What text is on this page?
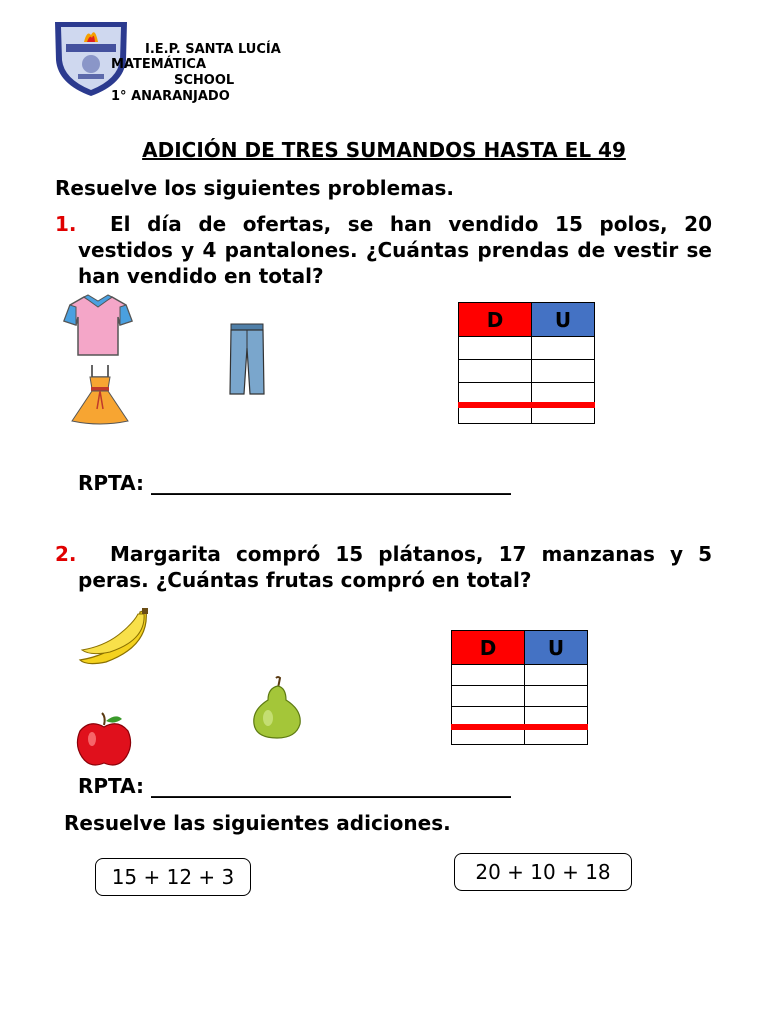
I.E.P. SANTA LUCÍA
MATEMÁTICA
SCHOOL
1° ANARANJADO
ADICIÓN DE TRES SUMANDOS HASTA EL 49
Resuelve los siguientes problemas.
1.	El día de ofertas, se han vendido 15 polos, 20 vestidos y 4 pantalones. ¿Cuántas prendas de vestir se han vendido en total?
D	U

RPTA: ____________________________________
2.	Margarita compró 15 plátanos, 17 manzanas y 5 peras. ¿Cuántas frutas compró en total?
D	U

RPTA: ____________________________________
Resuelve las siguientes adiciones.
15 + 12 + 3	20 + 10 + 18
